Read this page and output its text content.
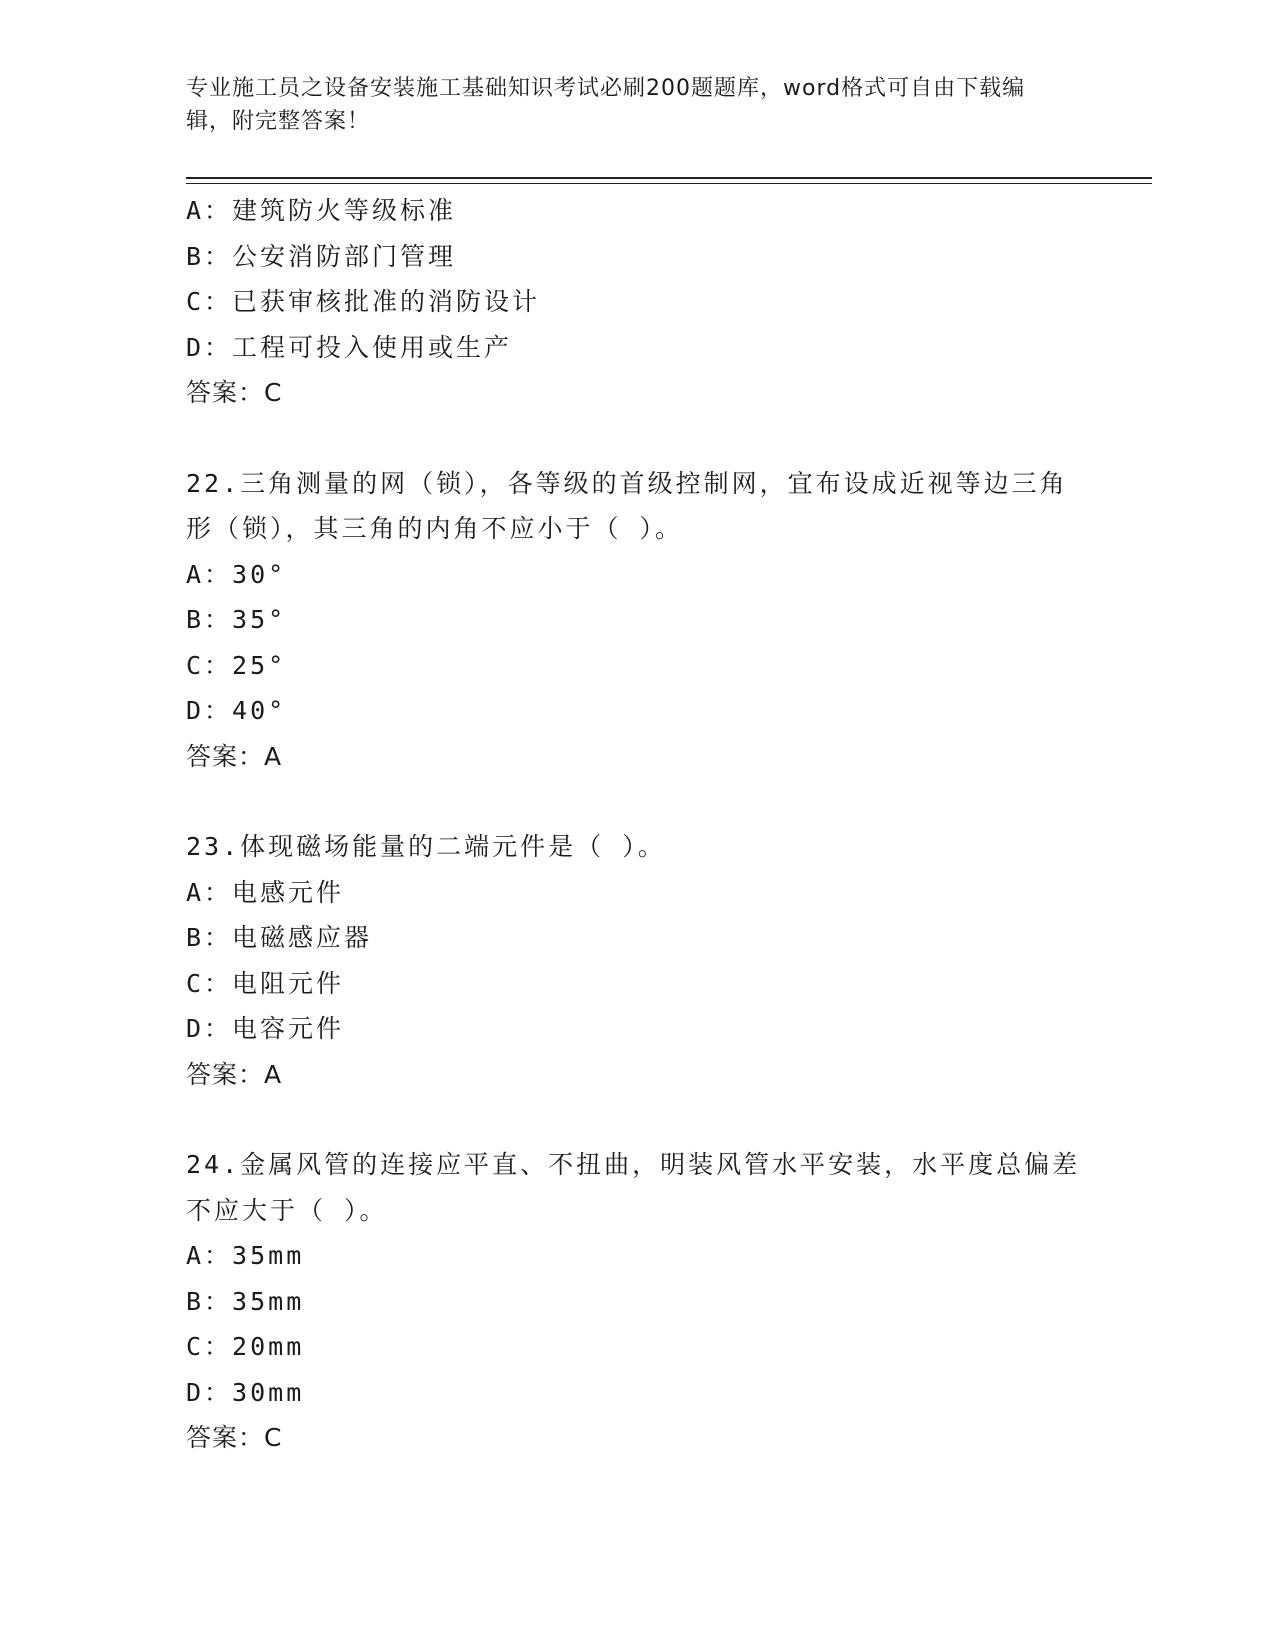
专业施工员之设备安装施工基础知识考试必刷200题题库，word格式可自由下载编辑，附完整答案！
A：建筑防火等级标准
B：公安消防部门管理
C：已获审核批准的消防设计
D：工程可投入使用或生产
答案：C
22.三角测量的网（锁），各等级的首级控制网，宜布设成近视等边三角形（锁），其三角的内角不应小于（ ）。
A：30°
B：35°
C：25°
D：40°
答案：A
23.体现磁场能量的二端元件是（ ）。
A：电感元件
B：电磁感应器
C：电阻元件
D：电容元件
答案：A
24.金属风管的连接应平直、不扭曲，明装风管水平安装，水平度总偏差不应大于（ ）。
A：35mm
B：35mm
C：20mm
D：30mm
答案：C
